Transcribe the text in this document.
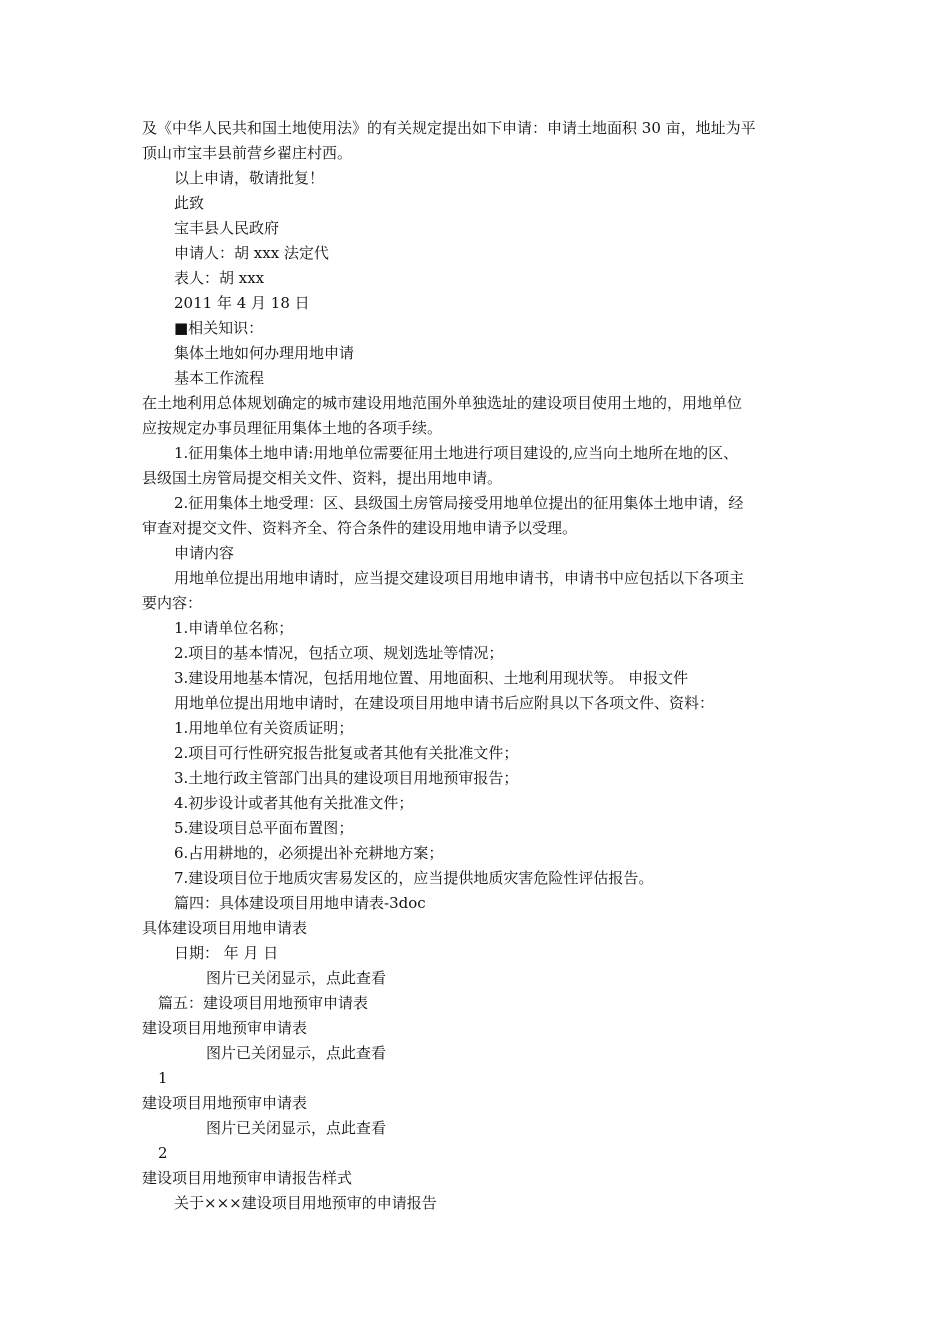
及《中华人民共和国土地使用法》的有关规定提出如下申请：申请土地面积 30 亩，地址为平
顶山市宝丰县前营乡翟庄村西。
以上申请，敬请批复！
此致
宝丰县人民政府
申请人：胡 xxx 法定代
表人：胡 xxx
2011 年 4 月 18 日
■相关知识：
集体土地如何办理用地申请
基本工作流程
在土地利用总体规划确定的城市建设用地范围外单独选址的建设项目使用土地的，用地单位
应按规定办事员理征用集体土地的各项手续。
1.征用集体土地申请:用地单位需要征用土地进行项目建设的,应当向土地所在地的区、
县级国土房管局提交相关文件、资料，提出用地申请。
2.征用集体土地受理：区、县级国土房管局接受用地单位提出的征用集体土地申请，经
审查对提交文件、资料齐全、符合条件的建设用地申请予以受理。
申请内容
用地单位提出用地申请时，应当提交建设项目用地申请书，申请书中应包括以下各项主
要内容：
1.申请单位名称；
2.项目的基本情况，包括立项、规划选址等情况；
3.建设用地基本情况，包括用地位置、用地面积、土地利用现状等。 申报文件
用地单位提出用地申请时，在建设项目用地申请书后应附具以下各项文件、资料：
1.用地单位有关资质证明；
2.项目可行性研究报告批复或者其他有关批准文件；
3.土地行政主管部门出具的建设项目用地预审报告；
4.初步设计或者其他有关批准文件；
5.建设项目总平面布置图；
6.占用耕地的，必须提出补充耕地方案；
7.建设项目位于地质灾害易发区的，应当提供地质灾害危险性评估报告。
篇四：具体建设项目用地申请表-3doc
具体建设项目用地申请表
日期： 年 月 日
图片已关闭显示，点此查看
篇五：建设项目用地预审申请表
建设项目用地预审申请表
图片已关闭显示，点此查看
1
建设项目用地预审申请表
图片已关闭显示，点此查看
2
建设项目用地预审申请报告样式
关于×××建设项目用地预审的申请报告
